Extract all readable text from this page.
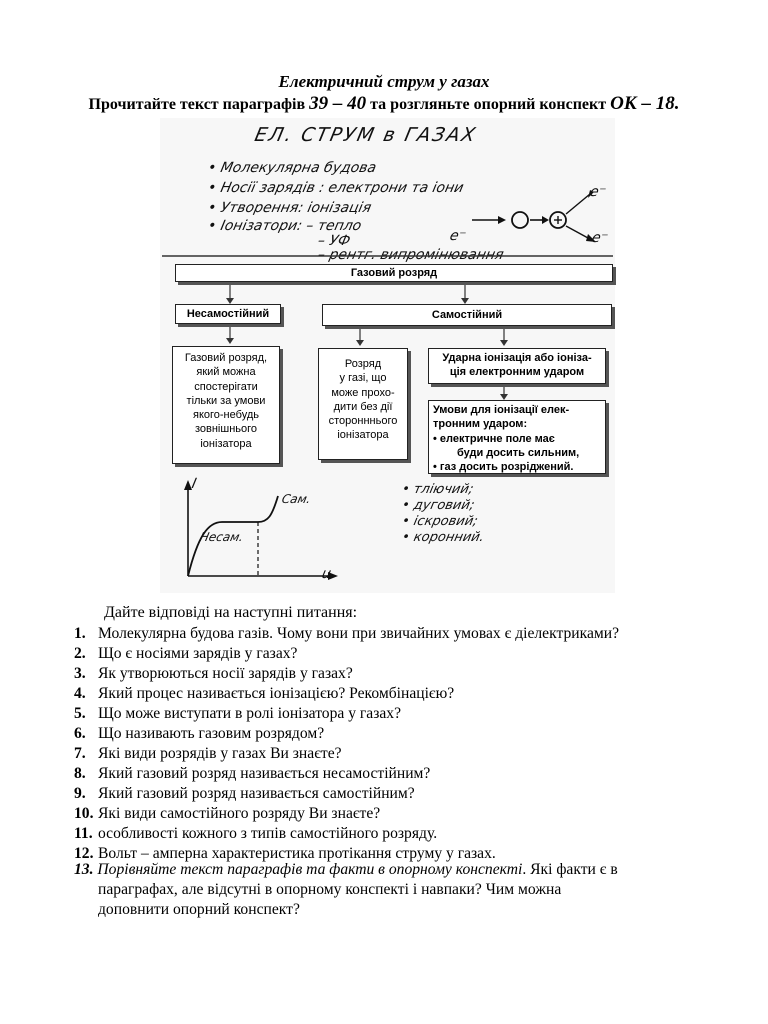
Електричний струм у газах
Прочитайте текст параграфів 39 – 40 та розгляньте опорний конспект ОК – 18.
ЕЛ. СТРУМ в ГАЗАХ
• Молекулярна будова
• Носії зарядів : електрони та іони
• Утворення: іонізація
• Іонізатори: – тепло
– УФ
– рентг. випромінювання
e⁻
e⁻
e⁻
Газовий розряд
Несамостійний	Самостійний
Газовий розряд,
який можна
спостерігати
тільки за умови
якого-небудь
зовнішнього
іонізатора
Розряд
у газі, що
може прохо-
дити без дії
сторонннього
іонізатора
Ударна іонізація або іоніза-
ція електронним ударом
Умови для іонізації елек-
тронним ударом:
• електричне поле має
буди досить сильним,
• газ досить розріджений.
I
u
Сам.
Несам.
• тліючий;
• дуговий;
• іскровий;
• коронний.
Дайте відповіді на наступні питання:
1. Молекулярна будова газів. Чому вони при звичайних умовах є діелектриками?
2. Що є носіями зарядів у газах?
3. Як утворюються носії зарядів у газах?
4. Який процес називається іонізацією? Рекомбінацією?
5. Що може виступати в ролі іонізатора у газах?
6. Що називають газовим розрядом?
7. Які види розрядів у газах Ви знаєте?
8. Який газовий розряд називається несамостійним?
9. Який газовий розряд називається самостійним?
10. Які види самостійного розряду Ви знаєте?
11. особливості кожного з типів самостійного розряду.
12. Вольт – амперна характеристика протікання струму у газах.
13. Порівняйте текст параграфів та факти в опорному конспекті. Які факти є в
параграфах, але відсутні в опорному конспекті і навпаки? Чим можна
доповнити опорний конспект?
